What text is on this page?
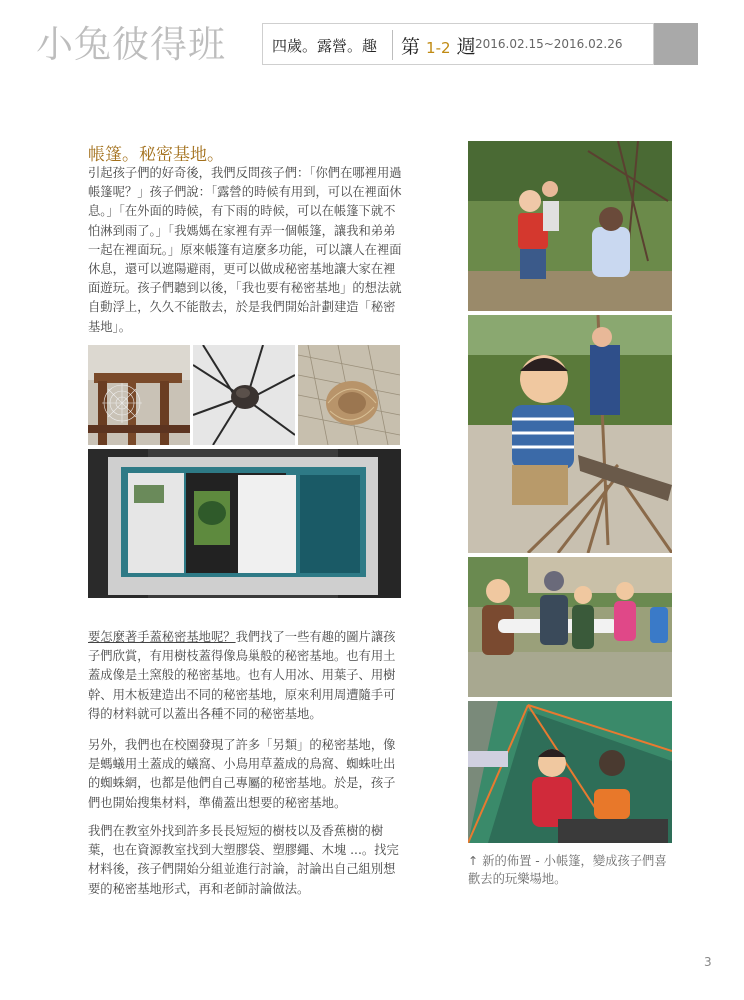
小兔彼得班	四歲。露營。趣 第 1-2 週 2016.02.15~2016.02.26
帳篷。秘密基地。

引起孩子們的好奇後，我們反問孩子們：「你們在哪裡用過帳篷呢？」孩子們說：「露營的時候有用到，可以在裡面休息。」「在外面的時候，有下雨的時候，可以在帳篷下就不怕淋到雨了。」「我媽媽在家裡有弄一個帳篷，讓我和弟弟一起在裡面玩。」原來帳篷有這麼多功能，可以讓人在裡面休息，還可以遮陽避雨，更可以做成秘密基地讓大家在裡面遊玩。孩子們聽到以後，「我也要有秘密基地」的想法就自動浮上，久久不能散去，於是我們開始計劃建造「秘密基地」。

要怎麼著手蓋秘密基地呢？我們找了一些有趣的圖片讓孩子們欣賞，有用樹枝蓋得像鳥巢般的秘密基地。也有用土蓋成像是土窯般的秘密基地。也有人用冰、用葉子、用樹幹、用木板建造出不同的秘密基地，原來利用周遭隨手可得的材料就可以蓋出各種不同的秘密基地。

另外，我們也在校園發現了許多「另類」的秘密基地，像是螞蟻用土蓋成的蟻窩、小鳥用草蓋成的鳥窩、蜘蛛吐出的蜘蛛網，也都是他們自己專屬的秘密基地。於是，孩子們也開始搜集材料，準備蓋出想要的秘密基地。

我們在教室外找到許多長長短短的樹枝以及香蕉樹的樹葉，也在資源教室找到大塑膠袋、塑膠繩、木塊 ...。找完材料後，孩子們開始分組並進行討論，討論出自己組別想要的秘密基地形式，再和老師討論做法。

↑ 新的佈置 - 小帳篷，變成孩子們喜歡去的玩樂場地。
3
